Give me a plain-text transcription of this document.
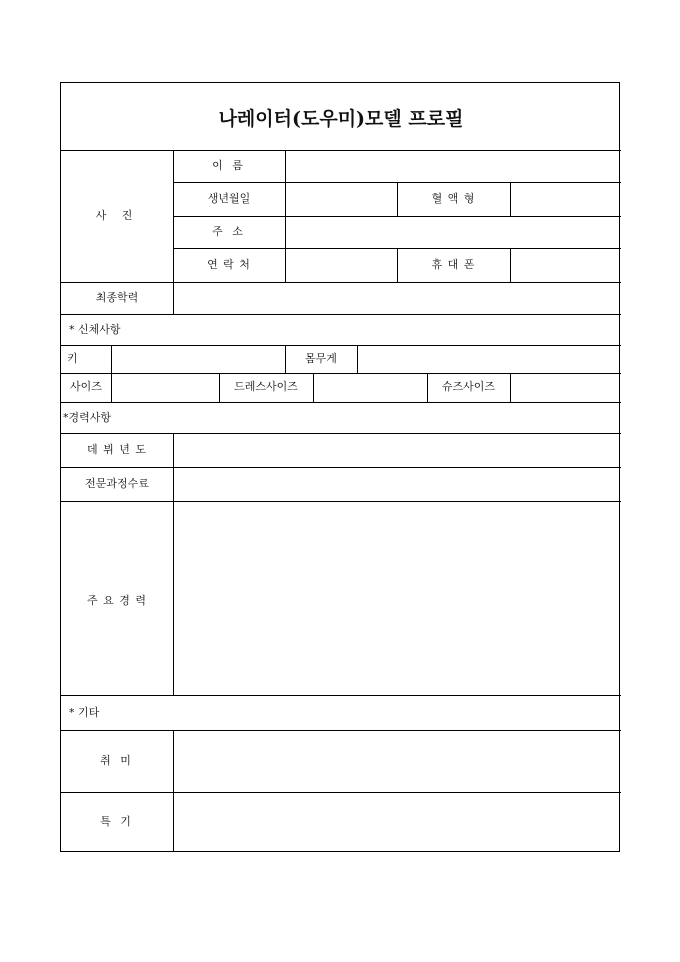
나레이터(도우미)모델 프로필
사 진
이 름
생년월일	혈 액 형
주 소
연 락 처	휴 대 폰
최종학력
* 신체사항
키	몸무게
사이즈	드레스사이즈	슈즈사이즈
*경력사항
데 뷔 년 도
전문과정수료
주 요 경 력
* 기타
취 미
특 기
